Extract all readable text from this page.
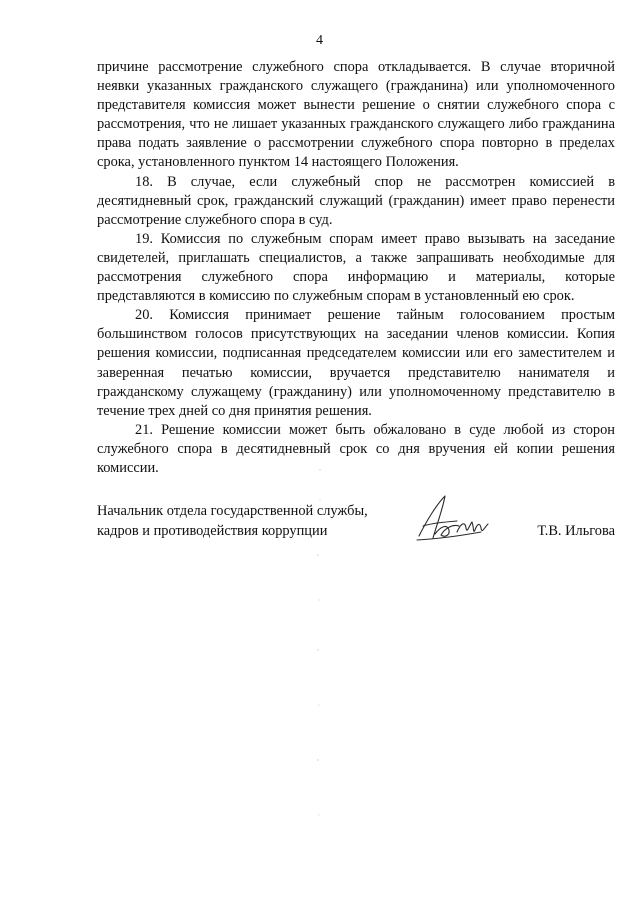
4

причине рассмотрение служебного спора откладывается. В случае вторичной неявки указанных гражданского служащего (гражданина) или уполномоченного представителя комиссия может вынести решение о снятии служебного спора с рассмотрения, что не лишает указанных гражданского служащего либо гражданина права подать заявление о рассмотрении служебного спора повторно в пределах срока, установленного пунктом 14 настоящего Положения.

18. В случае, если служебный спор не рассмотрен комиссией в десятидневный срок, гражданский служащий (гражданин) имеет право перенести рассмотрение служебного спора в суд.

19. Комиссия по служебным спорам имеет право вызывать на заседание свидетелей, приглашать специалистов, а также запрашивать необходимые для рассмотрения служебного спора информацию и материалы, которые представляются в комиссию по служебным спорам в установленный ею срок.

20. Комиссия принимает решение тайным голосованием простым большинством голосов присутствующих на заседании членов комиссии. Копия решения комиссии, подписанная председателем комиссии или его заместителем и заверенная печатью комиссии, вручается представителю нанимателя и гражданскому служащему (гражданину) или уполномоченному представителю в течение трех дней со дня принятия решения.

21. Решение комиссии может быть обжаловано в суде любой из сторон служебного спора в десятидневный срок со дня вручения ей копии решения комиссии.

Начальник отдела государственной службы,
кадров и противодействия коррупции	Т.В. Ильгова
